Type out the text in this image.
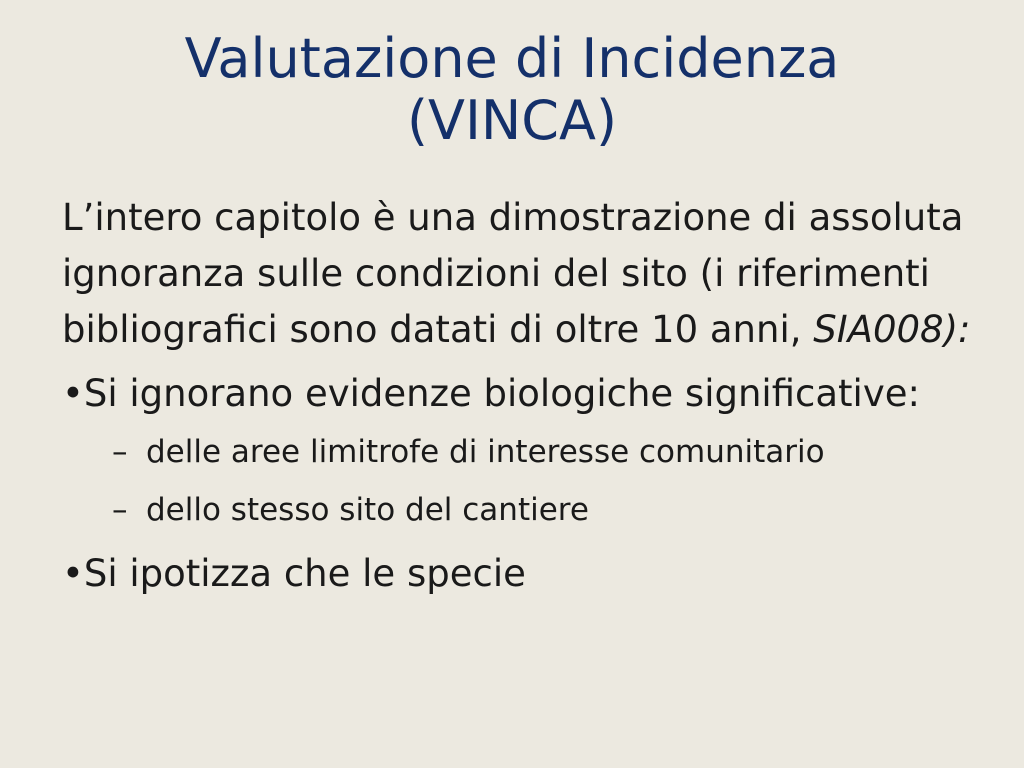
Valutazione di Incidenza
(VINCA)

L’intero capitolo è una dimostrazione di assoluta ignoranza sulle condizioni del sito (i riferimenti bibliografici sono datati di oltre 10 anni, SIA008):

•Si ignorano evidenze biologiche significative:
– delle aree limitrofe di interesse comunitario
– dello stesso sito del cantiere
•Si ipotizza che le specie
